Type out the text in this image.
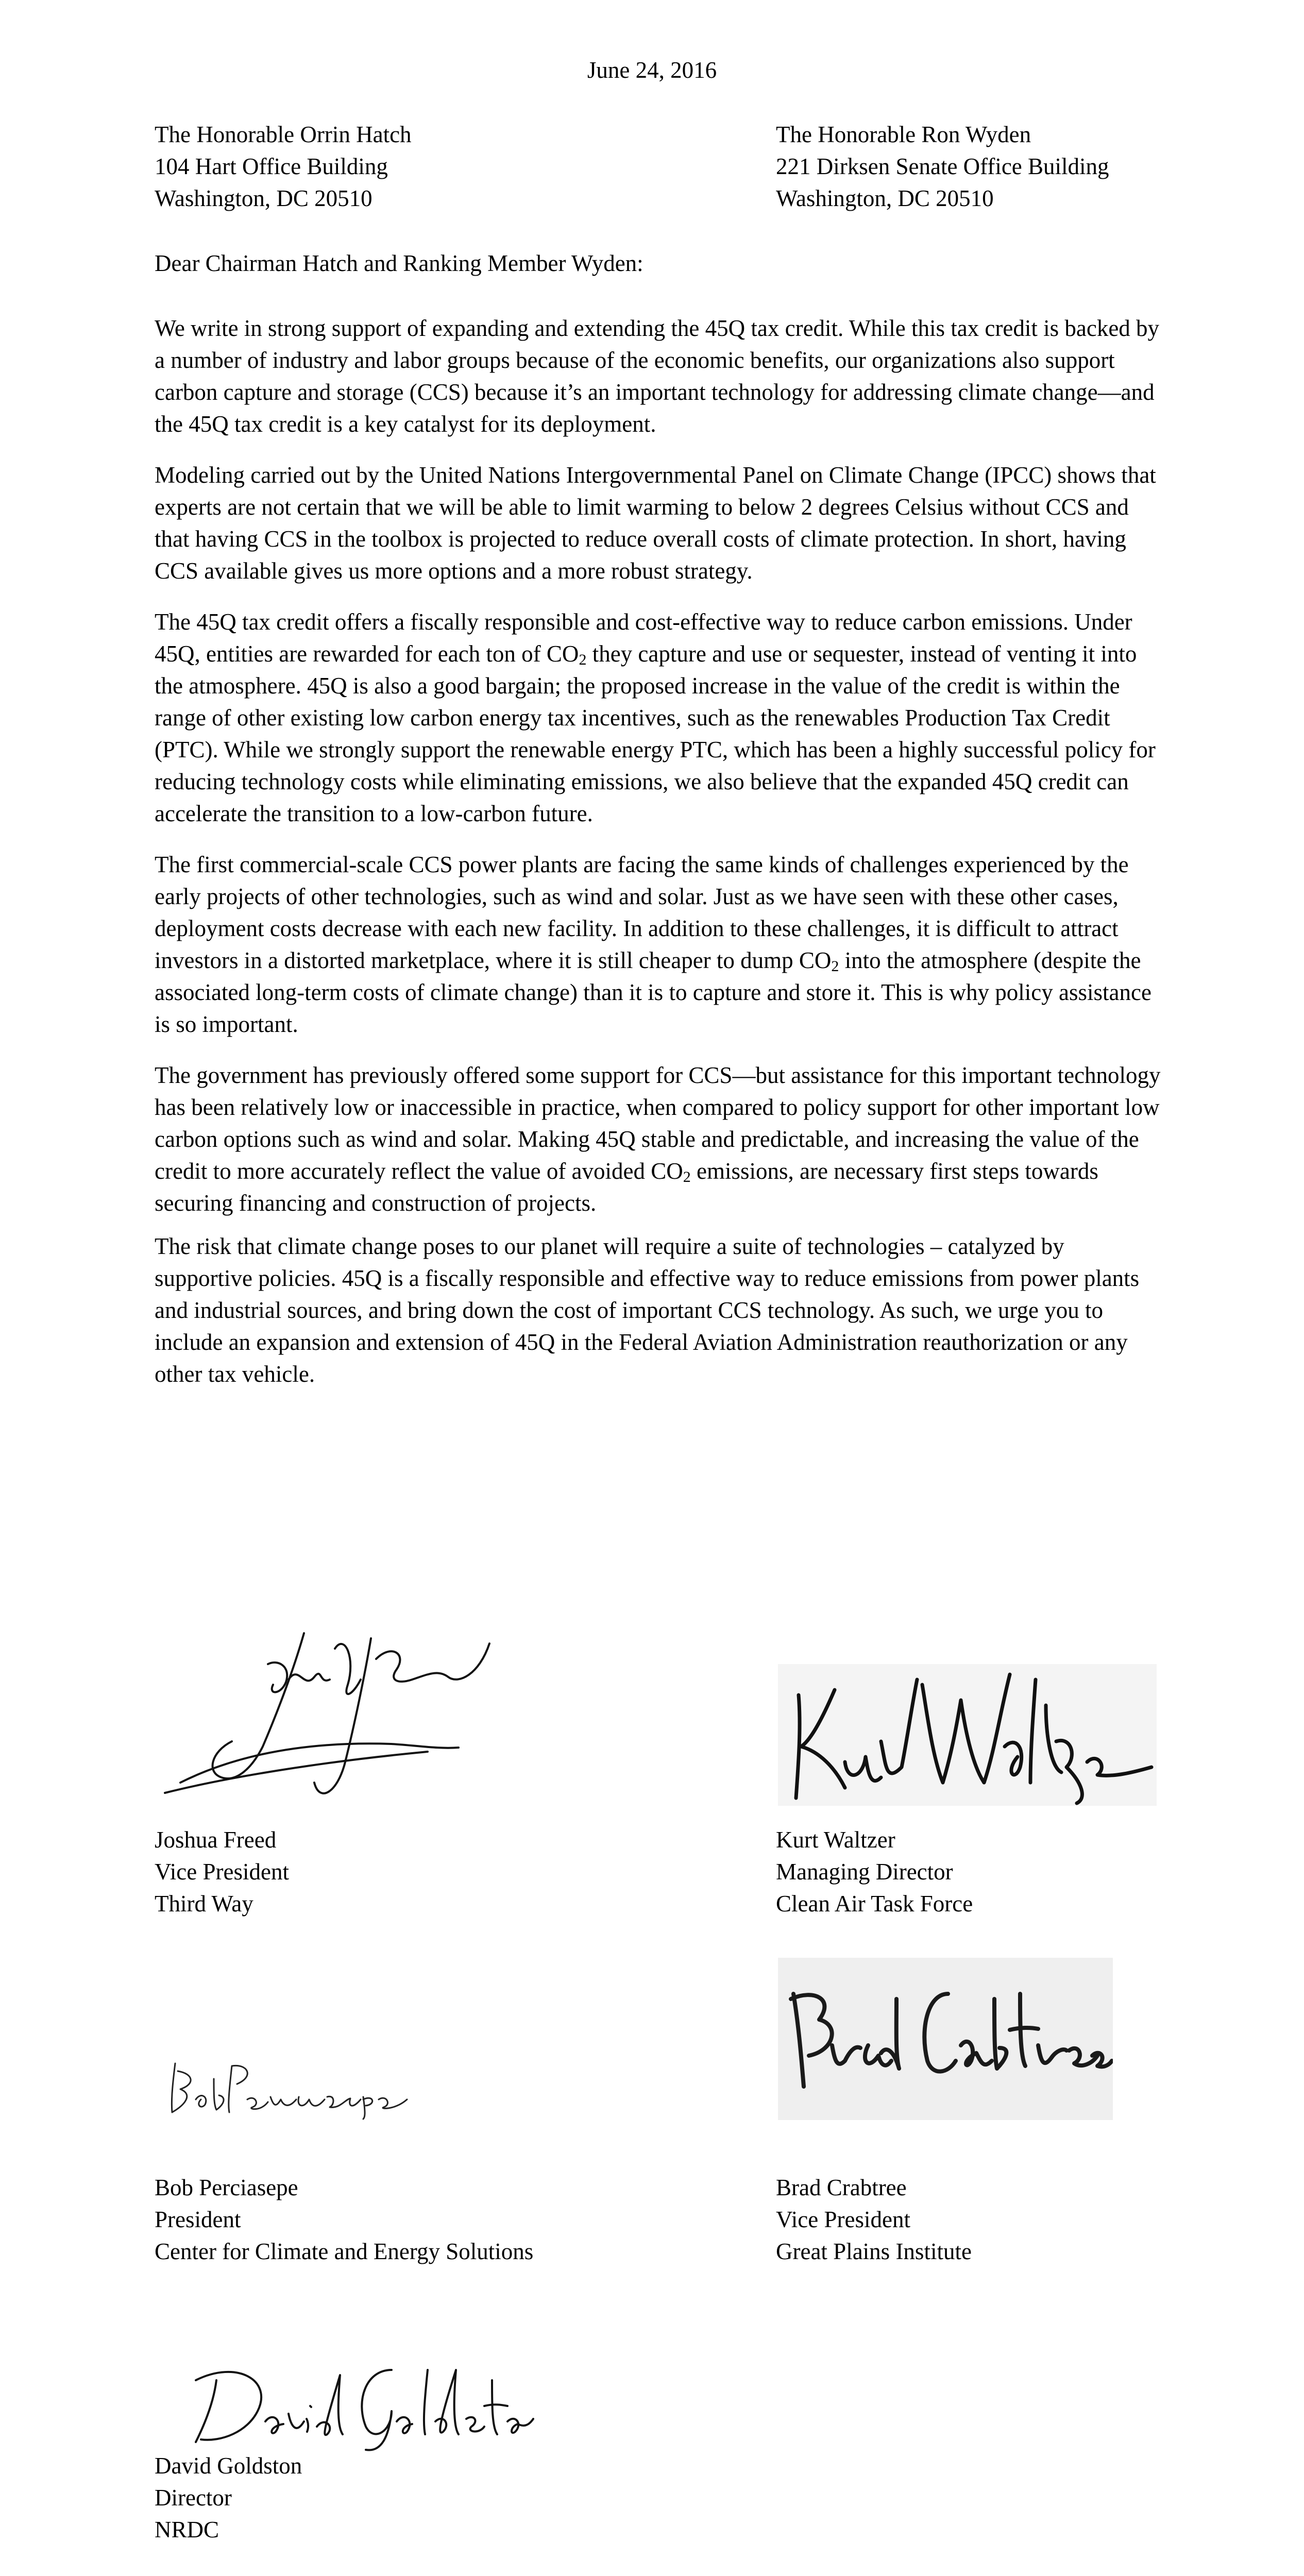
June 24, 2016
The Honorable Orrin Hatch
104 Hart Office Building
Washington, DC 20510
The Honorable Ron Wyden
221 Dirksen Senate Office Building
Washington, DC 20510
Dear Chairman Hatch and Ranking Member Wyden:

We write in strong support of expanding and extending the 45Q tax credit. While this tax credit is backed by a number of industry and labor groups because of the economic benefits, our organizations also support carbon capture and storage (CCS) because it’s an important technology for addressing climate change—and the 45Q tax credit is a key catalyst for its deployment.

Modeling carried out by the United Nations Intergovernmental Panel on Climate Change (IPCC) shows that experts are not certain that we will be able to limit warming to below 2 degrees Celsius without CCS and that having CCS in the toolbox is projected to reduce overall costs of climate protection. In short, having CCS available gives us more options and a more robust strategy.

The 45Q tax credit offers a fiscally responsible and cost-effective way to reduce carbon emissions. Under 45Q, entities are rewarded for each ton of $CO_2$ they capture and use or sequester, instead of venting it into the atmosphere. 45Q is also a good bargain; the proposed increase in the value of the credit is within the range of other existing low carbon energy tax incentives, such as the renewables Production Tax Credit (PTC). While we strongly support the renewable energy PTC, which has been a highly successful policy for reducing technology costs while eliminating emissions, we also believe that the expanded 45Q credit can accelerate the transition to a low-carbon future.

The first commercial-scale CCS power plants are facing the same kinds of challenges experienced by the early projects of other technologies, such as wind and solar. Just as we have seen with these other cases, deployment costs decrease with each new facility. In addition to these challenges, it is difficult to attract investors in a distorted marketplace, where it is still cheaper to dump $CO_2$ into the atmosphere (despite the associated long-term costs of climate change) than it is to capture and store it. This is why policy assistance is so important.

The government has previously offered some support for CCS—but assistance for this important technology has been relatively low or inaccessible in practice, when compared to policy support for other important low carbon options such as wind and solar. Making 45Q stable and predictable, and increasing the value of the credit to more accurately reflect the value of avoided $CO_2$ emissions, are necessary first steps towards securing financing and construction of projects.

The risk that climate change poses to our planet will require a suite of technologies – catalyzed by supportive policies. 45Q is a fiscally responsible and effective way to reduce emissions from power plants and industrial sources, and bring down the cost of important CCS technology. As such, we urge you to include an expansion and extension of 45Q in the Federal Aviation Administration reauthorization or any other tax vehicle.

Joshua Freed
Vice President
Third Way
Kurt Waltzer
Managing Director
Clean Air Task Force
Bob Perciasepe
President
Center for Climate and Energy Solutions
Brad Crabtree
Vice President
Great Plains Institute
David Goldston
Director
NRDC
